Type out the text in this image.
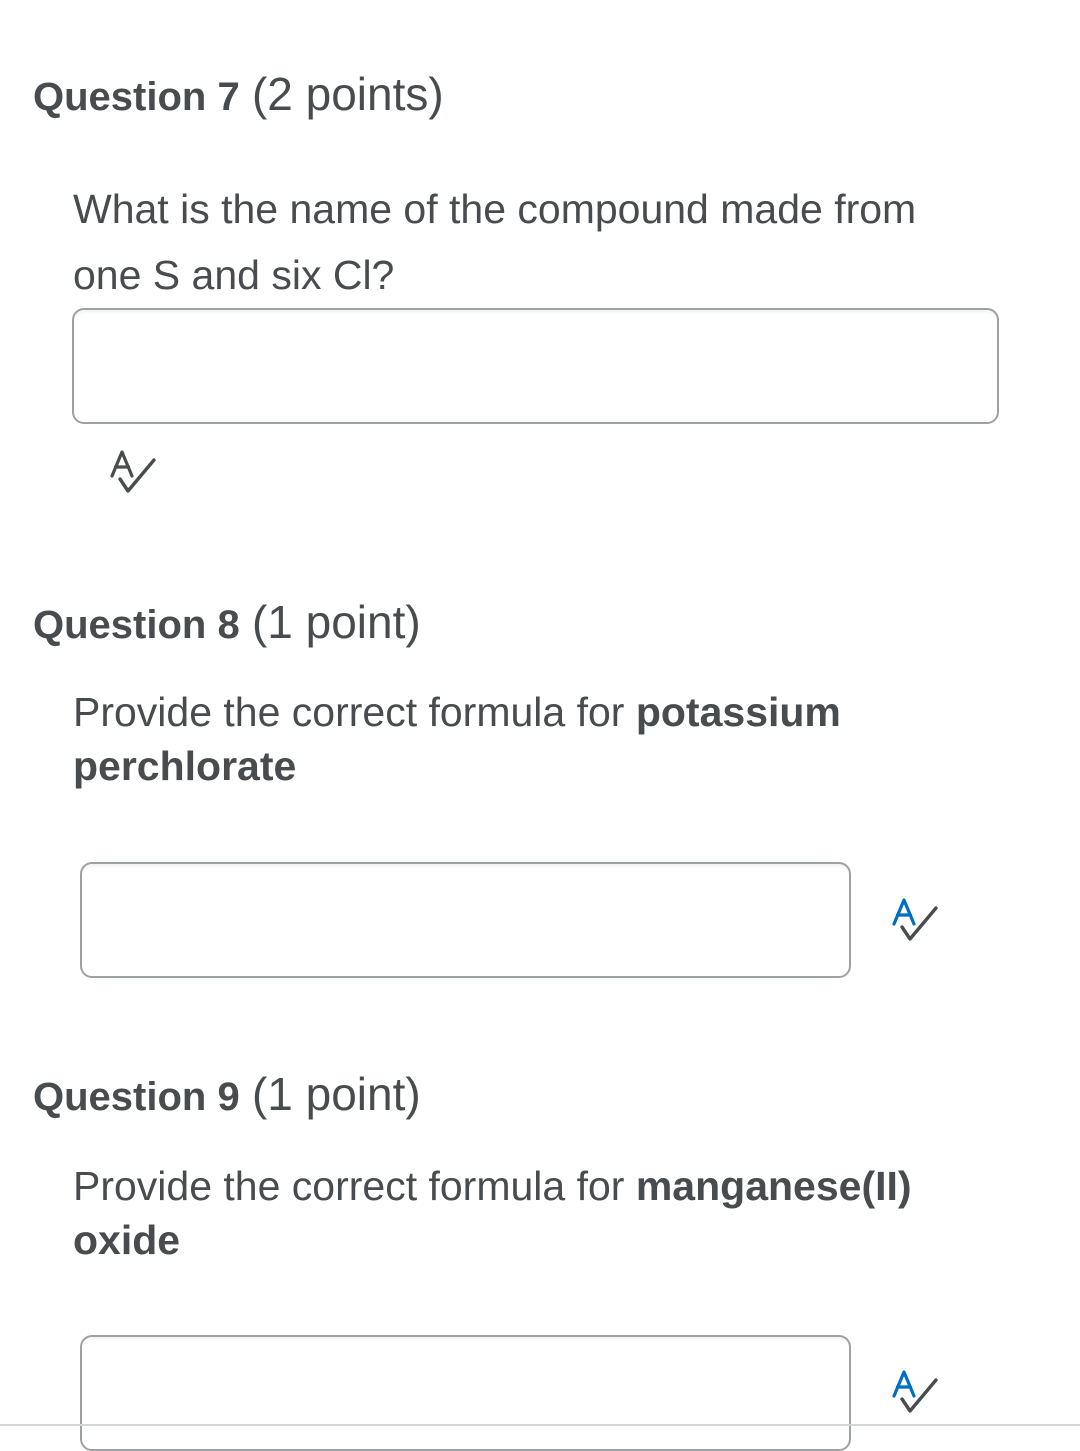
Question 7 (2 points)

What is the name of the compound made from
one S and six Cl?

Question 8 (1 point)

Provide the correct formula for potassium
perchlorate

Question 9 (1 point)

Provide the correct formula for manganese(II)
oxide
